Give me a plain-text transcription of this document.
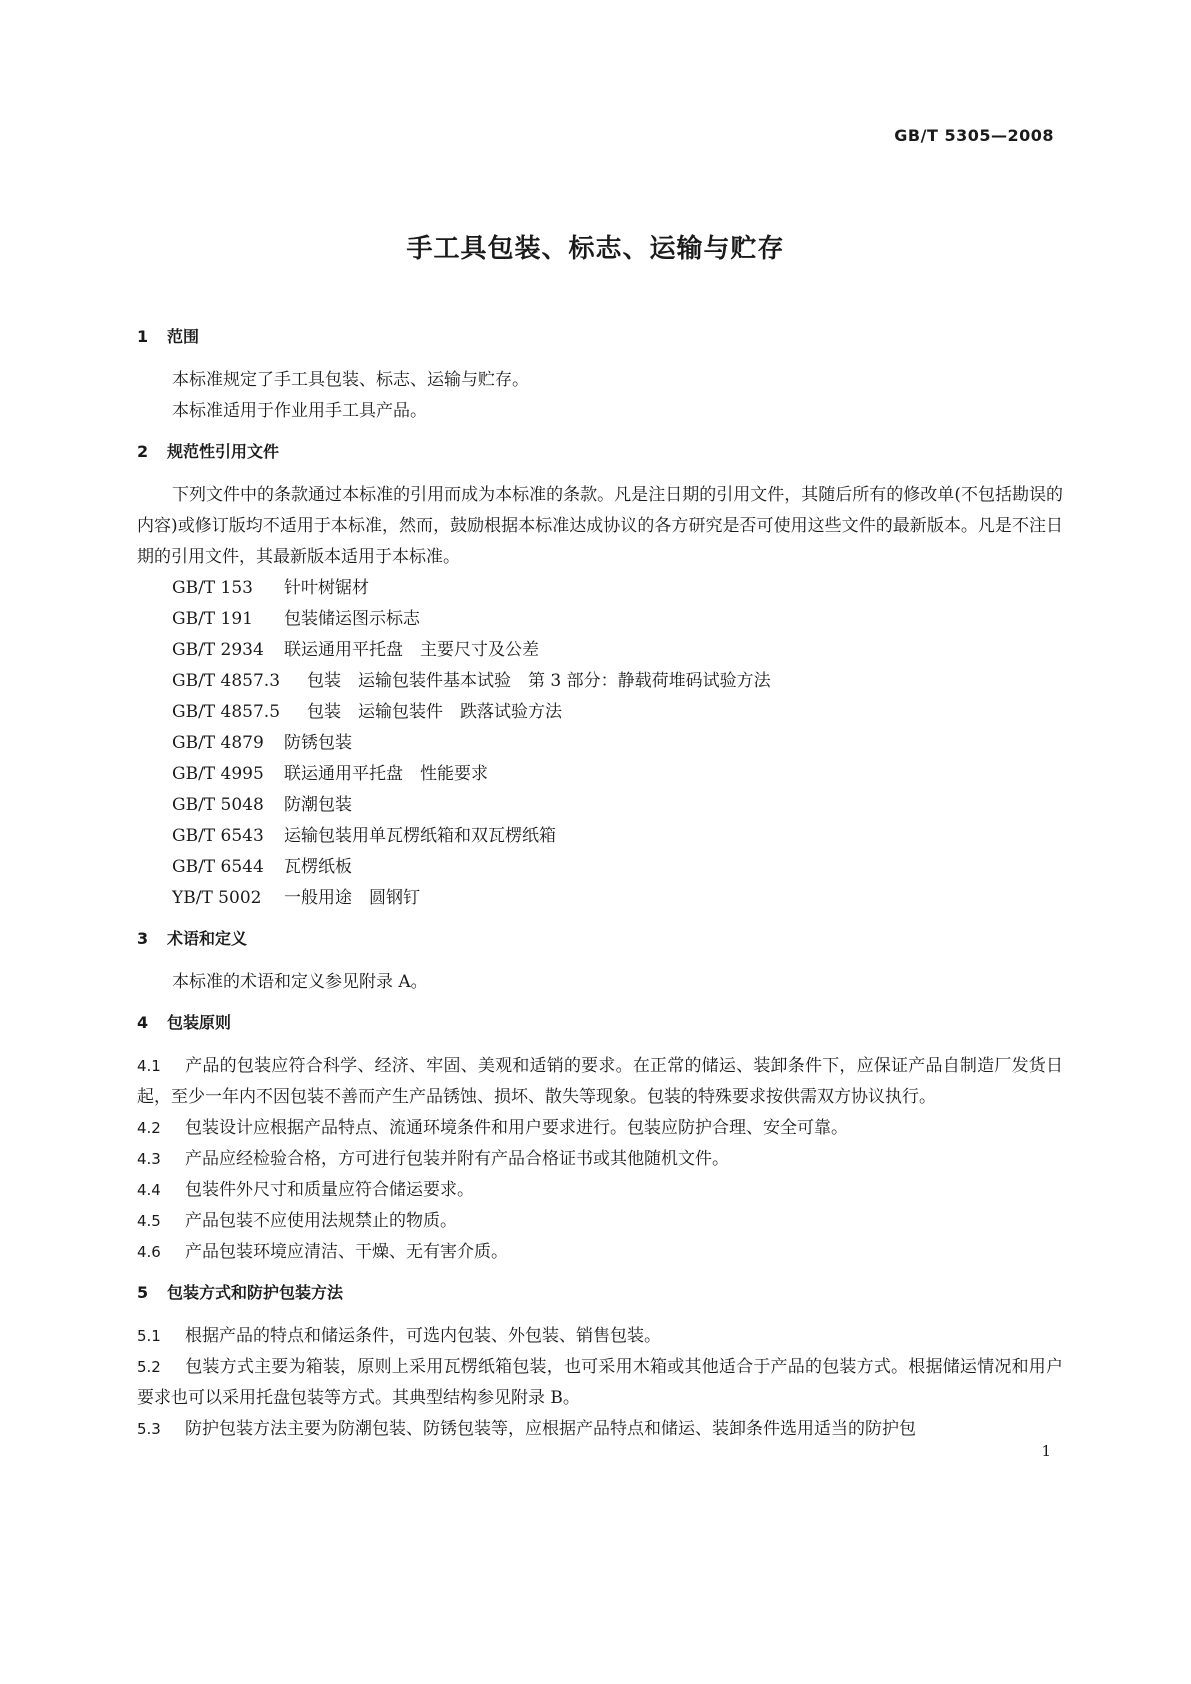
GB/T 5305—2008
手工具包装、标志、运输与贮存
1 范围

本标准规定了手工具包装、标志、运输与贮存。

本标准适用于作业用手工具产品。

2 规范性引用文件

下列文件中的条款通过本标准的引用而成为本标准的条款。凡是注日期的引用文件，其随后所有的修改单(不包括勘误的内容)或修订版均不适用于本标准，然而，鼓励根据本标准达成协议的各方研究是否可使用这些文件的最新版本。凡是不注日期的引用文件，其最新版本适用于本标准。

GB/T 153　 针叶树锯材
GB/T 191　 包装储运图示标志
GB/T 2934　 联运通用平托盘　主要尺寸及公差
GB/T 4857.3　 包装　运输包装件基本试验　第 3 部分：静载荷堆码试验方法
GB/T 4857.5　 包装　运输包装件　跌落试验方法
GB/T 4879　 防锈包装
GB/T 4995　 联运通用平托盘　性能要求
GB/T 5048　 防潮包装
GB/T 6543　 运输包装用单瓦楞纸箱和双瓦楞纸箱
GB/T 6544　 瓦楞纸板
YB/T 5002　 一般用途　圆钢钉
3 术语和定义

本标准的术语和定义参见附录 A。

4 包装原则

4.1 产品的包装应符合科学、经济、牢固、美观和适销的要求。在正常的储运、装卸条件下，应保证产品自制造厂发货日起，至少一年内不因包装不善而产生产品锈蚀、损坏、散失等现象。包装的特殊要求按供需双方协议执行。

4.2 包装设计应根据产品特点、流通环境条件和用户要求进行。包装应防护合理、安全可靠。

4.3 产品应经检验合格，方可进行包装并附有产品合格证书或其他随机文件。

4.4 包装件外尺寸和质量应符合储运要求。

4.5 产品包装不应使用法规禁止的物质。

4.6 产品包装环境应清洁、干燥、无有害介质。

5 包装方式和防护包装方法

5.1 根据产品的特点和储运条件，可选内包装、外包装、销售包装。

5.2 包装方式主要为箱装，原则上采用瓦楞纸箱包装，也可采用木箱或其他适合于产品的包装方式。根据储运情况和用户要求也可以采用托盘包装等方式。其典型结构参见附录 B。

5.3 防护包装方法主要为防潮包装、防锈包装等，应根据产品特点和储运、装卸条件选用适当的防护包

1
